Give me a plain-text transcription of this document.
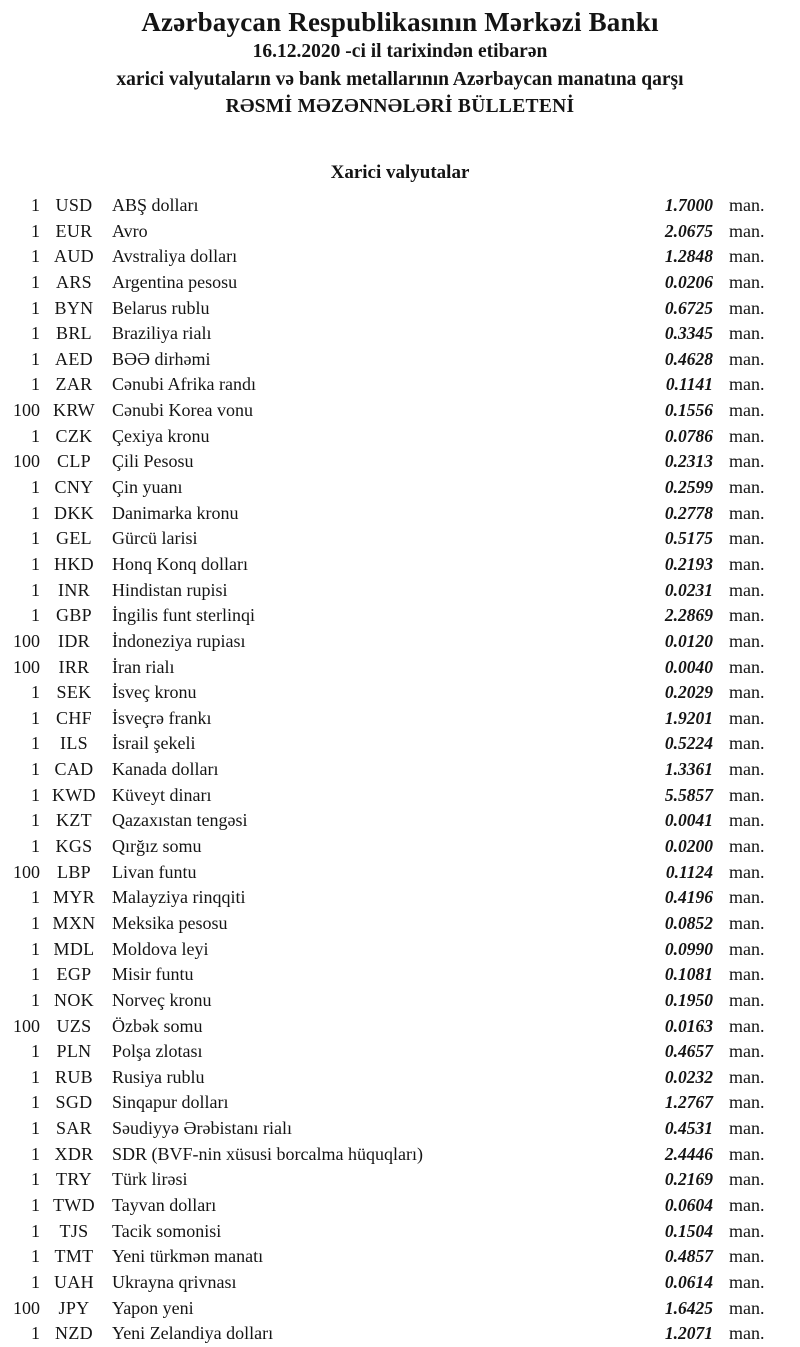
Azərbaycan Respublikasının Mərkəzi Bankı
16.12.2020 -ci il tarixindən etibarən
xarici valyutaların və bank metallarının Azərbaycan manatına qarşı
RƏSMİ MƏZƏNNƏLƏRİ BÜLLETENİ
Xarici valyutalar
1 USD	ABŞ dolları	1.7000 man.
1 EUR	Avro	2.0675 man.
1 AUD	Avstraliya dolları	1.2848 man.
1 ARS	Argentina pesosu	0.0206 man.
1 BYN	Belarus rublu	0.6725 man.
1 BRL	Braziliya rialı	0.3345 man.
1 AED	BƏƏ dirhəmi	0.4628 man.
1 ZAR	Cənubi Afrika randı	0.1141 man.
100 KRW Cənubi Korea vonu	0.1556 man.
1 CZK	Çexiya kronu	0.0786 man.
100 CLP	Çili Pesosu	0.2313 man.
1 CNY	Çin yuanı	0.2599 man.
1 DKK	Danimarka kronu	0.2778 man.
1 GEL	Gürcü larisi	0.5175 man.
1 HKD	Honq Konq dolları	0.2193 man.
1	INR	Hindistan rupisi	0.0231 man.
1 GBP	İngilis funt sterlinqi	2.2869 man.
100	IDR	İndoneziya rupiası	0.0120 man.
100	IRR	İran rialı	0.0040 man.
1 SEK	İsveç kronu	0.2029 man.
1 CHF	İsveçrə frankı	1.9201 man.
1	ILS	İsrail şekeli	0.5224 man.
1 CAD	Kanada dolları	1.3361 man.
1 KWD Küveyt dinarı	5.5857 man.
1 KZT	Qazaxıstan tengəsi	0.0041 man.
1 KGS	Qırğız somu	0.0200 man.
100 LBP	Livan funtu	0.1124 man.
1 MYR Malayziya rinqqiti	0.4196 man.
1 MXN Meksika pesosu	0.0852 man.
1 MDL Moldova leyi	0.0990 man.
1 EGP	Misir funtu	0.1081 man.
1 NOK	Norveç kronu	0.1950 man.
100 UZS	Özbək somu	0.0163 man.
1 PLN	Polşa zlotası	0.4657 man.
1 RUB	Rusiya rublu	0.0232 man.
1 SGD	Sinqapur dolları	1.2767 man.
1 SAR	Səudiyyə Ərəbistanı rialı	0.4531 man.
1 XDR	SDR (BVF-nin xüsusi borcalma hüquqları)	2.4446 man.
1 TRY	Türk lirəsi	0.2169 man.
1 TWD Tayvan dolları	0.0604 man.
1	TJS	Tacik somonisi	0.1504 man.
1 TMT	Yeni türkmən manatı	0.4857 man.
1 UAH	Ukrayna qrivnası	0.0614 man.
100	JPY	Yapon yeni	1.6425 man.
1 NZD	Yeni Zelandiya dolları	1.2071 man.
